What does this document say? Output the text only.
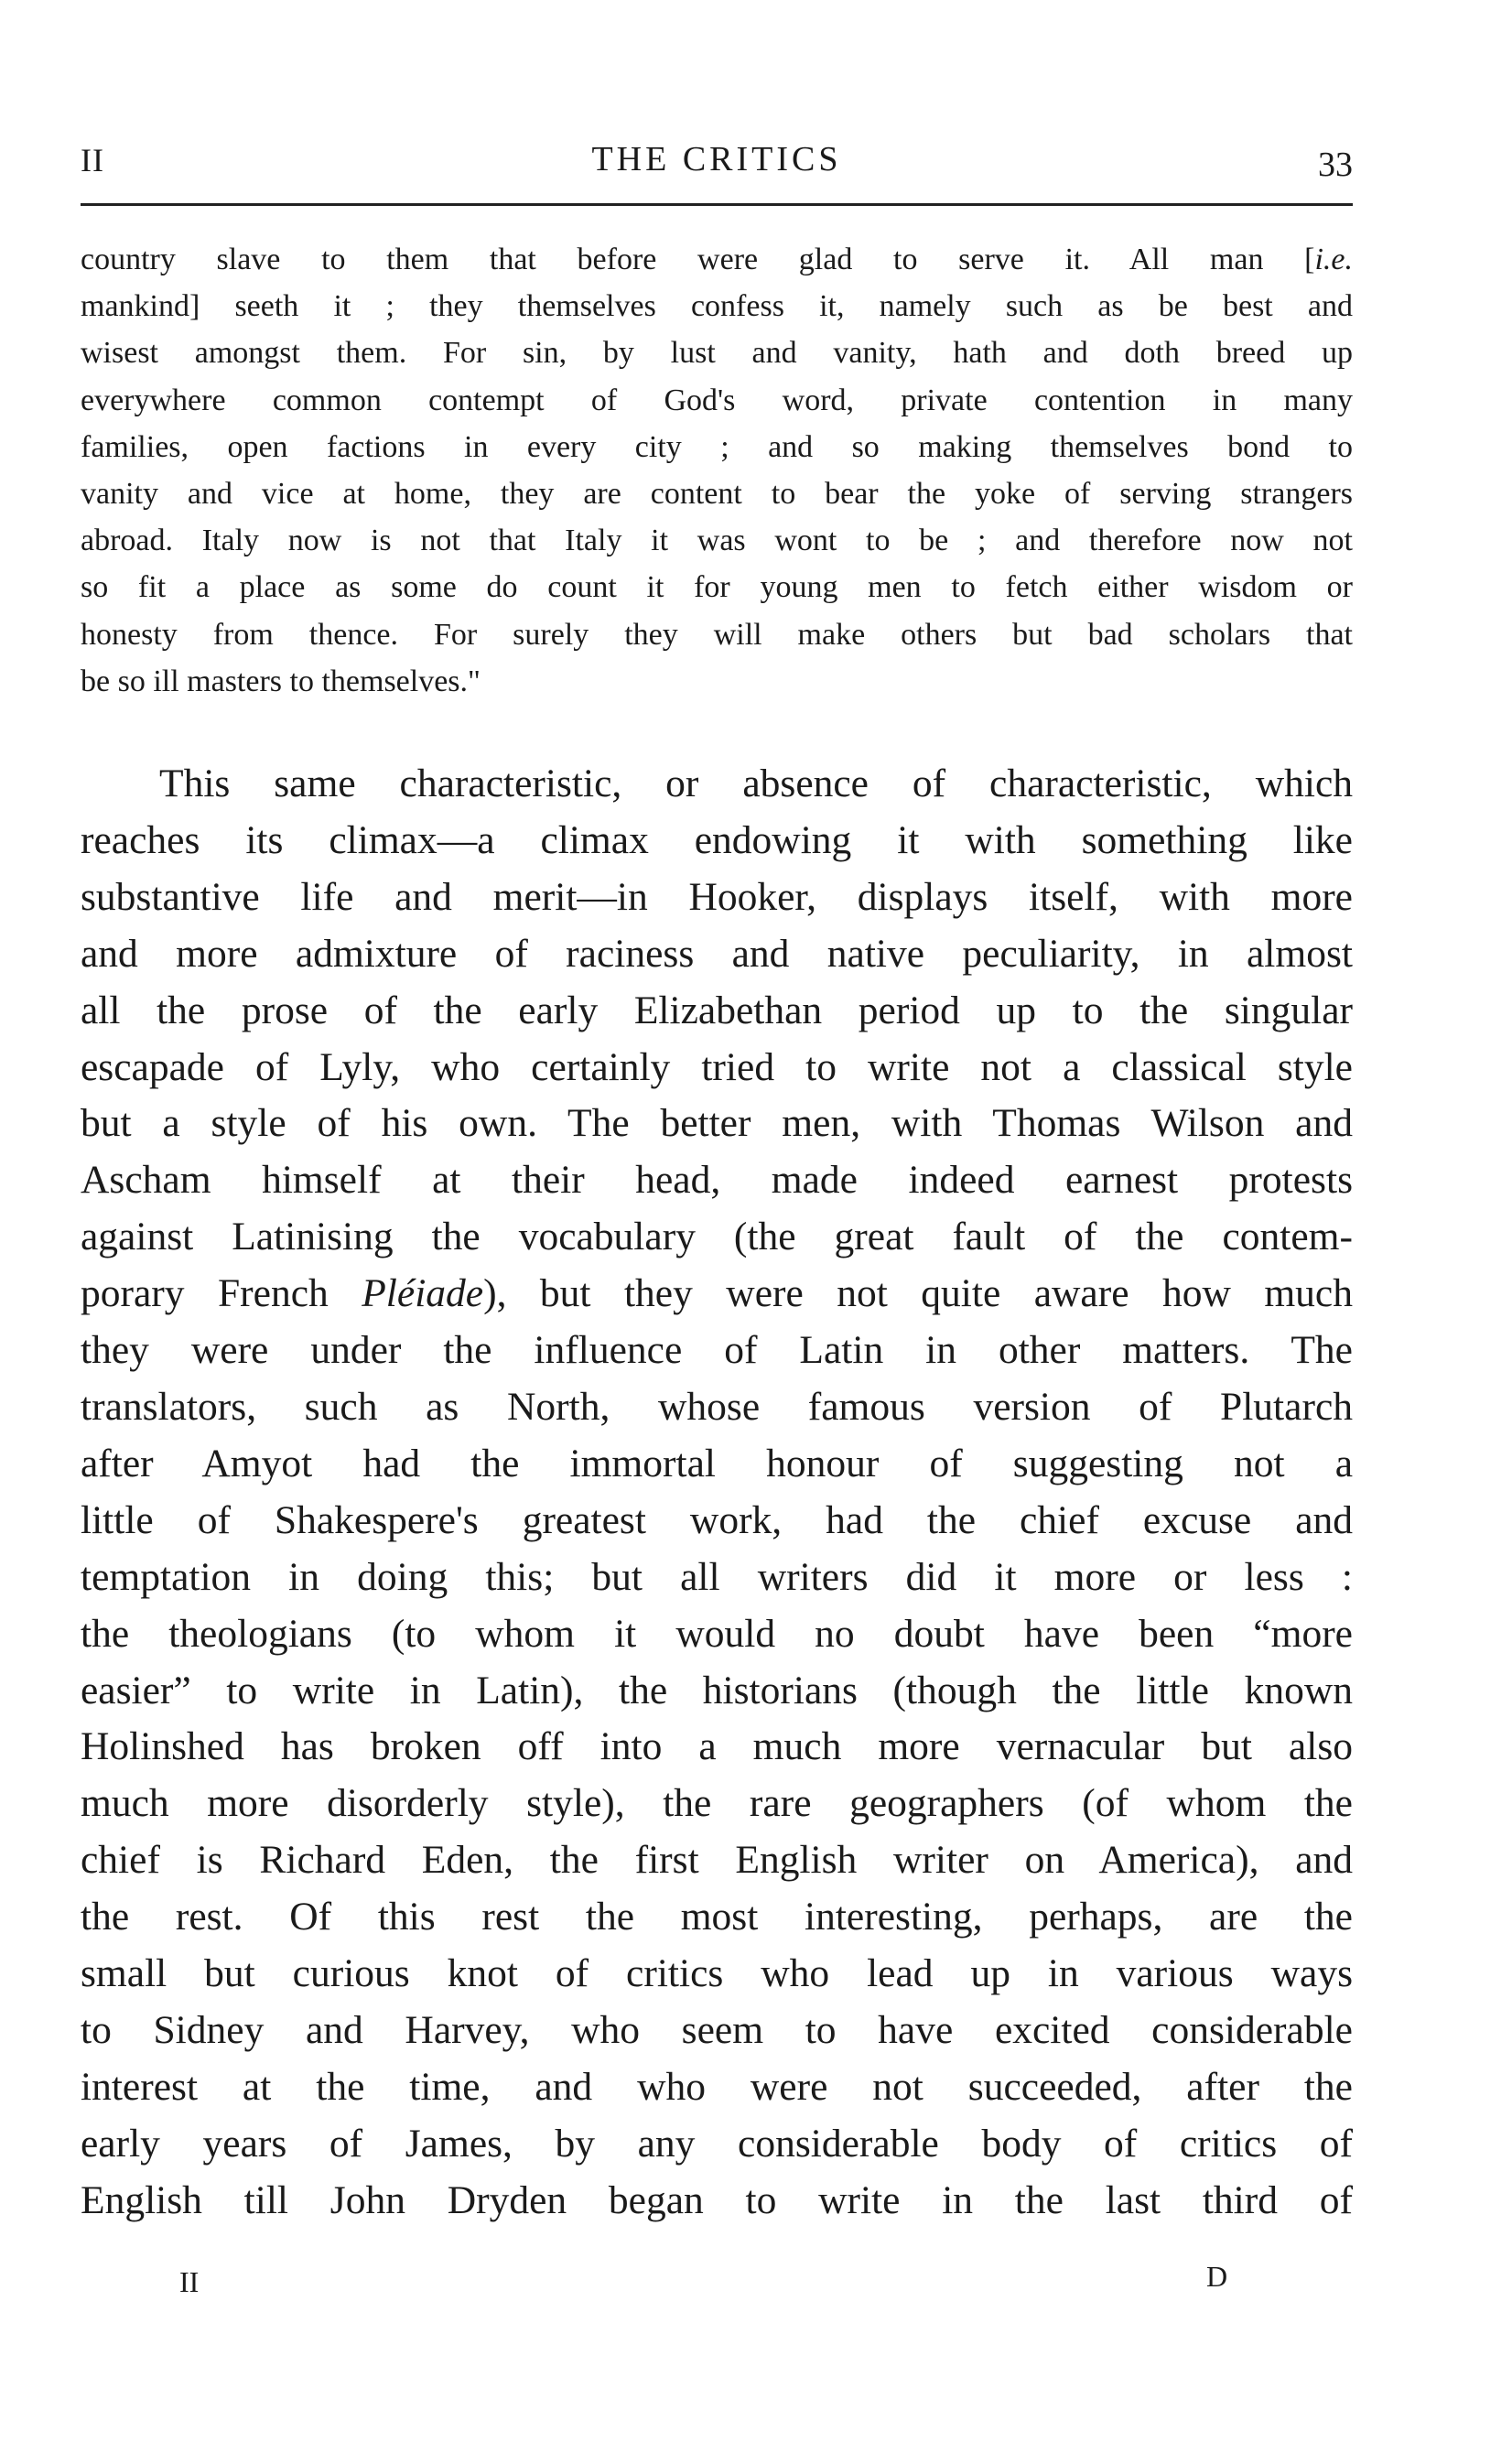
II	THE CRITICS	33
country slave to them that before were glad to serve it. All man [i.e.
mankind] seeth it ; they themselves confess it, namely such as be best and
wisest amongst them. For sin, by lust and vanity, hath and doth breed up
everywhere common contempt of God's word, private contention in many
families, open factions in every city ; and so making themselves bond to
vanity and vice at home, they are content to bear the yoke of serving strangers
abroad. Italy now is not that Italy it was wont to be ; and therefore now not
so fit a place as some do count it for young men to fetch either wisdom or
honesty from thence. For surely they will make others but bad scholars that
be so ill masters to themselves."
This same characteristic, or absence of characteristic, which
reaches its climax—a climax endowing it with something like
substantive life and merit—in Hooker, displays itself, with more
and more admixture of raciness and native peculiarity, in almost
all the prose of the early Elizabethan period up to the singular
escapade of Lyly, who certainly tried to write not a classical style
but a style of his own. The better men, with Thomas Wilson and
Ascham himself at their head, made indeed earnest protests
against Latinising the vocabulary (the great fault of the contem-
porary French Pléiade), but they were not quite aware how much
they were under the influence of Latin in other matters. The
translators, such as North, whose famous version of Plutarch
after Amyot had the immortal honour of suggesting not a
little of Shakespere's greatest work, had the chief excuse and
temptation in doing this; but all writers did it more or less :
the theologians (to whom it would no doubt have been “more
easier” to write in Latin), the historians (though the little known
Holinshed has broken off into a much more vernacular but also
much more disorderly style), the rare geographers (of whom the
chief is Richard Eden, the first English writer on America), and
the rest. Of this rest the most interesting, perhaps, are the
small but curious knot of critics who lead up in various ways
to Sidney and Harvey, who seem to have excited considerable
interest at the time, and who were not succeeded, after the
early years of James, by any considerable body of critics of
English till John Dryden began to write in the last third of
II	D
